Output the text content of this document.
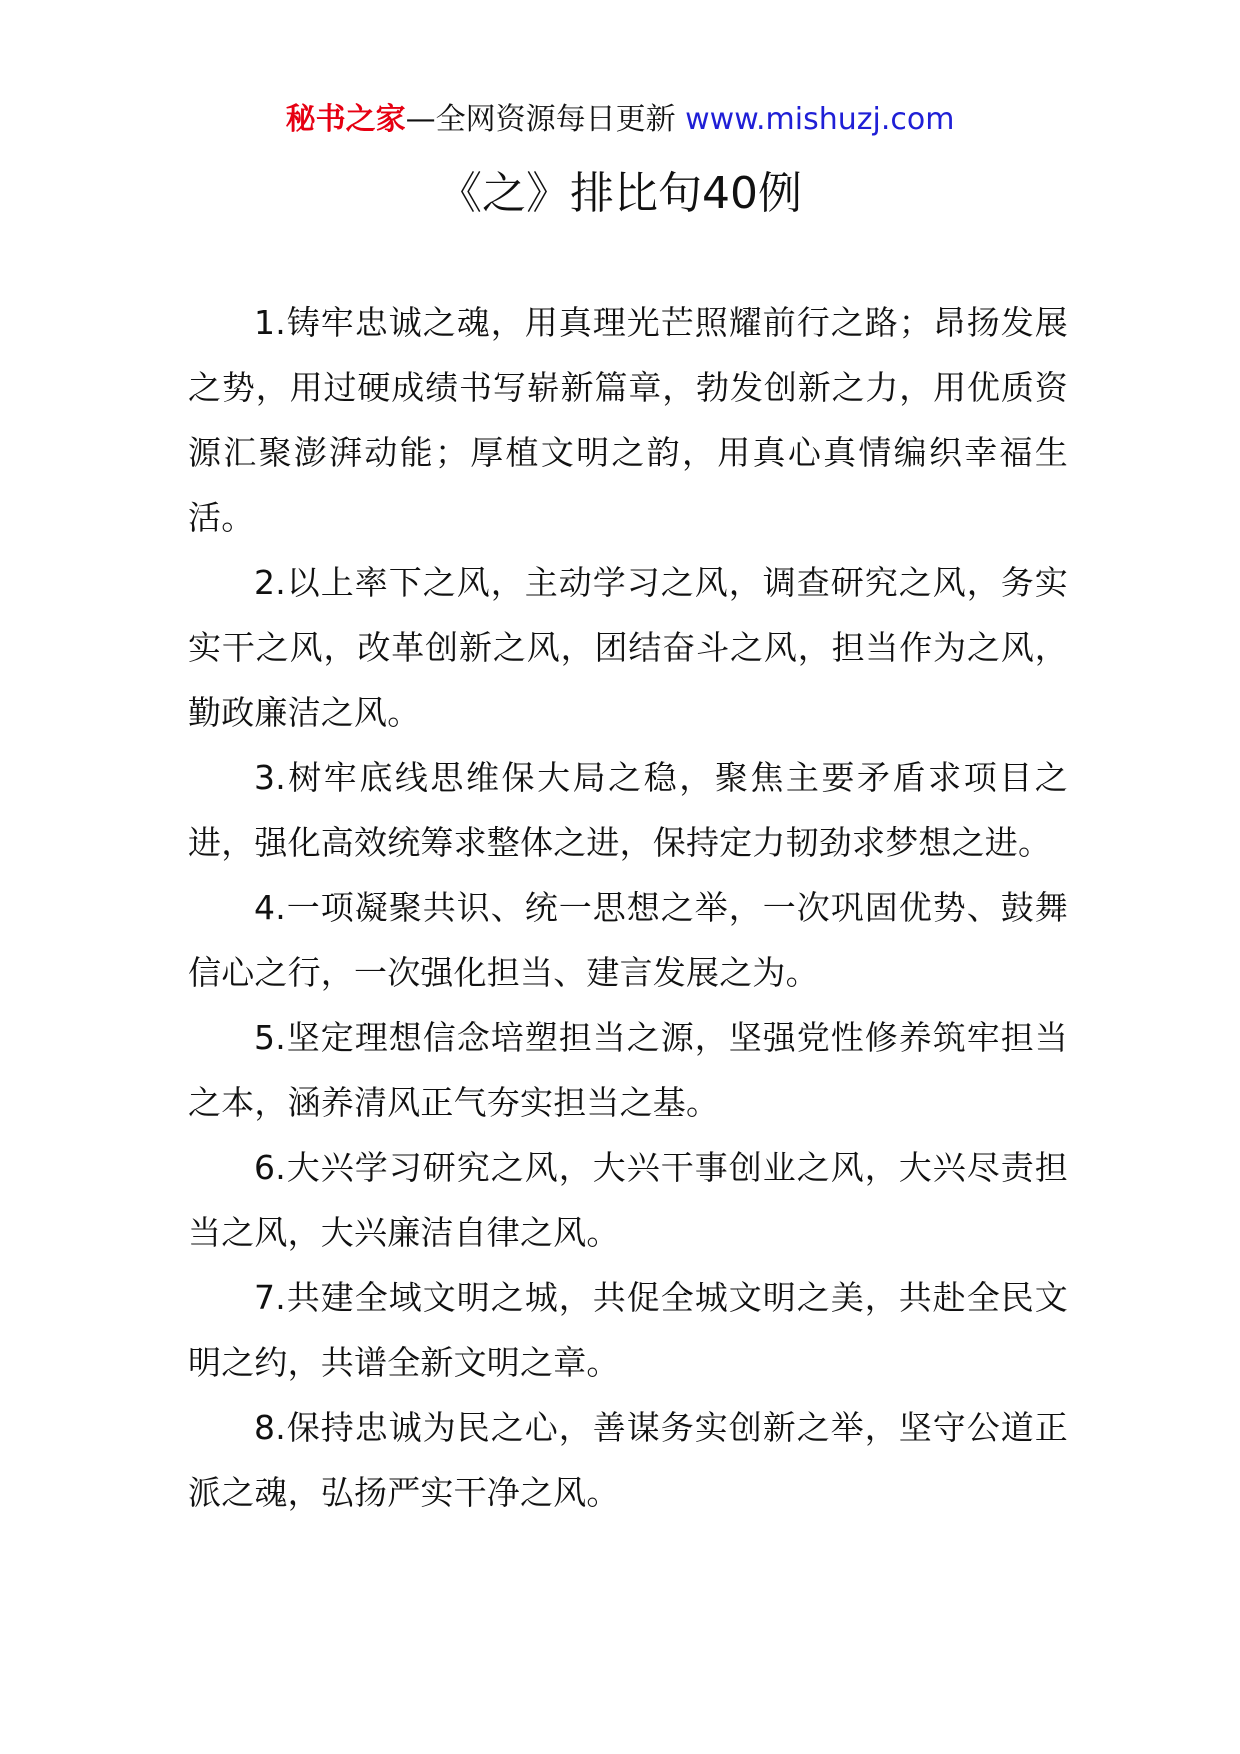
秘书之家—全网资源每日更新 www.mishuzj.com
《之》排比句40例

1.铸牢忠诚之魂，用真理光芒照耀前行之路；昂扬发展之势，用过硬成绩书写崭新篇章，勃发创新之力，用优质资源汇聚澎湃动能；厚植文明之韵，用真心真情编织幸福生活。

2.以上率下之风，主动学习之风，调查研究之风，务实实干之风，改革创新之风，团结奋斗之风，担当作为之风，勤政廉洁之风。

3.树牢底线思维保大局之稳，聚焦主要矛盾求项目之进，强化高效统筹求整体之进，保持定力韧劲求梦想之进。

4.一项凝聚共识、统一思想之举，一次巩固优势、鼓舞信心之行，一次强化担当、建言发展之为。

5.坚定理想信念培塑担当之源，坚强党性修养筑牢担当之本，涵养清风正气夯实担当之基。

6.大兴学习研究之风，大兴干事创业之风，大兴尽责担当之风，大兴廉洁自律之风。

7.共建全域文明之城，共促全城文明之美，共赴全民文明之约，共谱全新文明之章。

8.保持忠诚为民之心，善谋务实创新之举，坚守公道正派之魂，弘扬严实干净之风。
